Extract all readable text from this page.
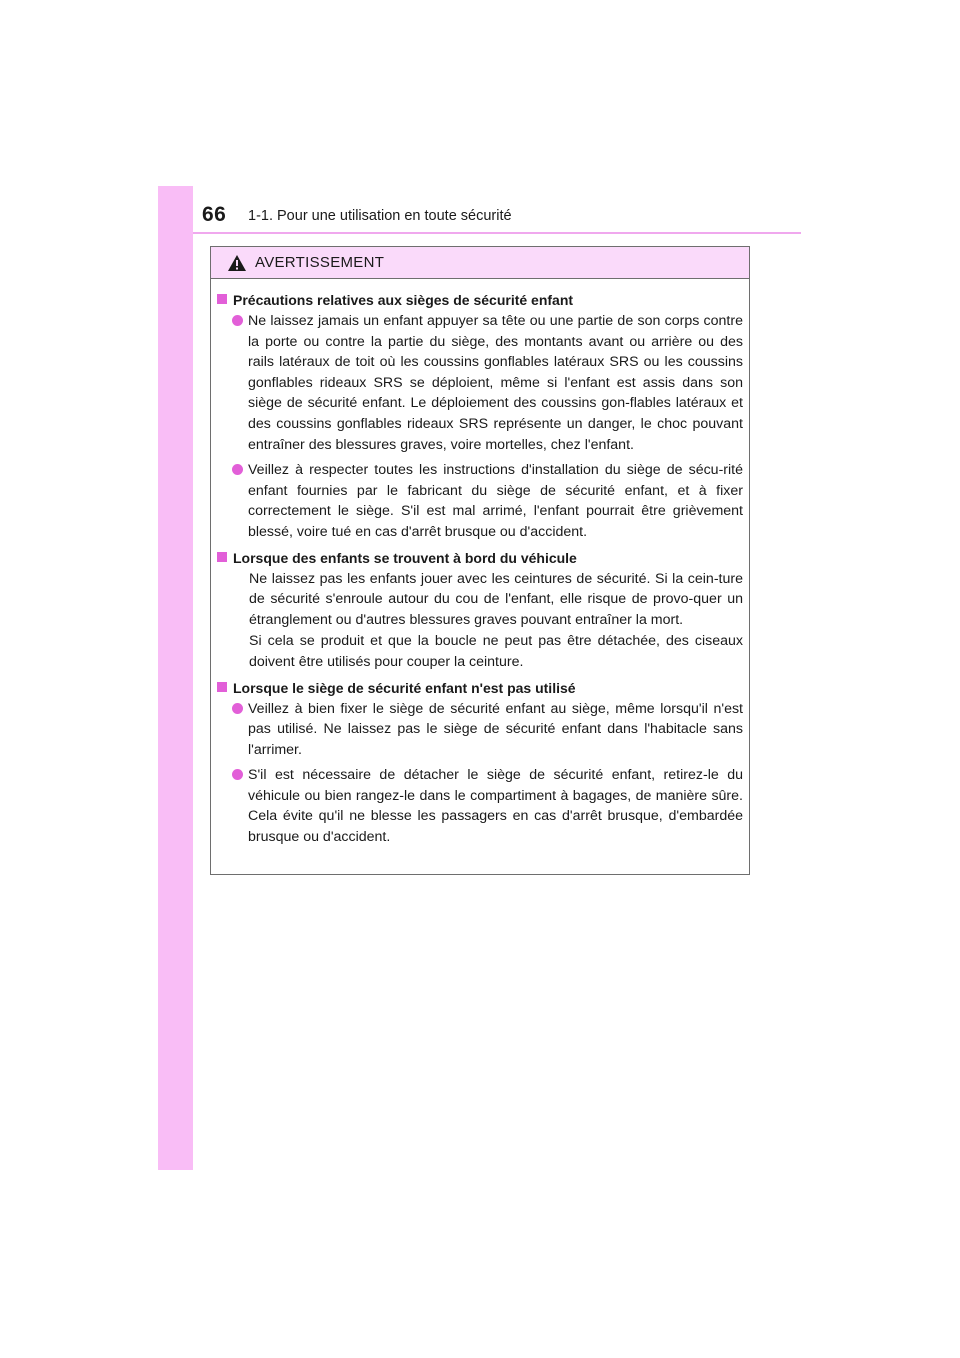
66 1-1. Pour une utilisation en toute sécurité
AVERTISSEMENT
Précautions relatives aux sièges de sécurité enfant
Ne laissez jamais un enfant appuyer sa tête ou une partie de son corps contre la porte ou contre la partie du siège, des montants avant ou arrière ou des rails latéraux de toit où les coussins gonflables latéraux SRS ou les coussins gonflables rideaux SRS se déploient, même si l'enfant est assis dans son siège de sécurité enfant. Le déploiement des coussins gon-flables latéraux et des coussins gonflables rideaux SRS représente un danger, le choc pouvant entraîner des blessures graves, voire mortelles, chez l'enfant.
Veillez à respecter toutes les instructions d'installation du siège de sécu-rité enfant fournies par le fabricant du siège de sécurité enfant, et à fixer correctement le siège. S'il est mal arrimé, l'enfant pourrait être grièvement blessé, voire tué en cas d'arrêt brusque ou d'accident.
Lorsque des enfants se trouvent à bord du véhicule
Ne laissez pas les enfants jouer avec les ceintures de sécurité. Si la cein-ture de sécurité s'enroule autour du cou de l'enfant, elle risque de provo-quer un étranglement ou d'autres blessures graves pouvant entraîner la mort.
Si cela se produit et que la boucle ne peut pas être détachée, des ciseaux doivent être utilisés pour couper la ceinture.
Lorsque le siège de sécurité enfant n'est pas utilisé
Veillez à bien fixer le siège de sécurité enfant au siège, même lorsqu'il n'est pas utilisé. Ne laissez pas le siège de sécurité enfant dans l'habitacle sans l'arrimer.
S'il est nécessaire de détacher le siège de sécurité enfant, retirez-le du véhicule ou bien rangez-le dans le compartiment à bagages, de manière sûre. Cela évite qu'il ne blesse les passagers en cas d'arrêt brusque, d'embardée brusque ou d'accident.
